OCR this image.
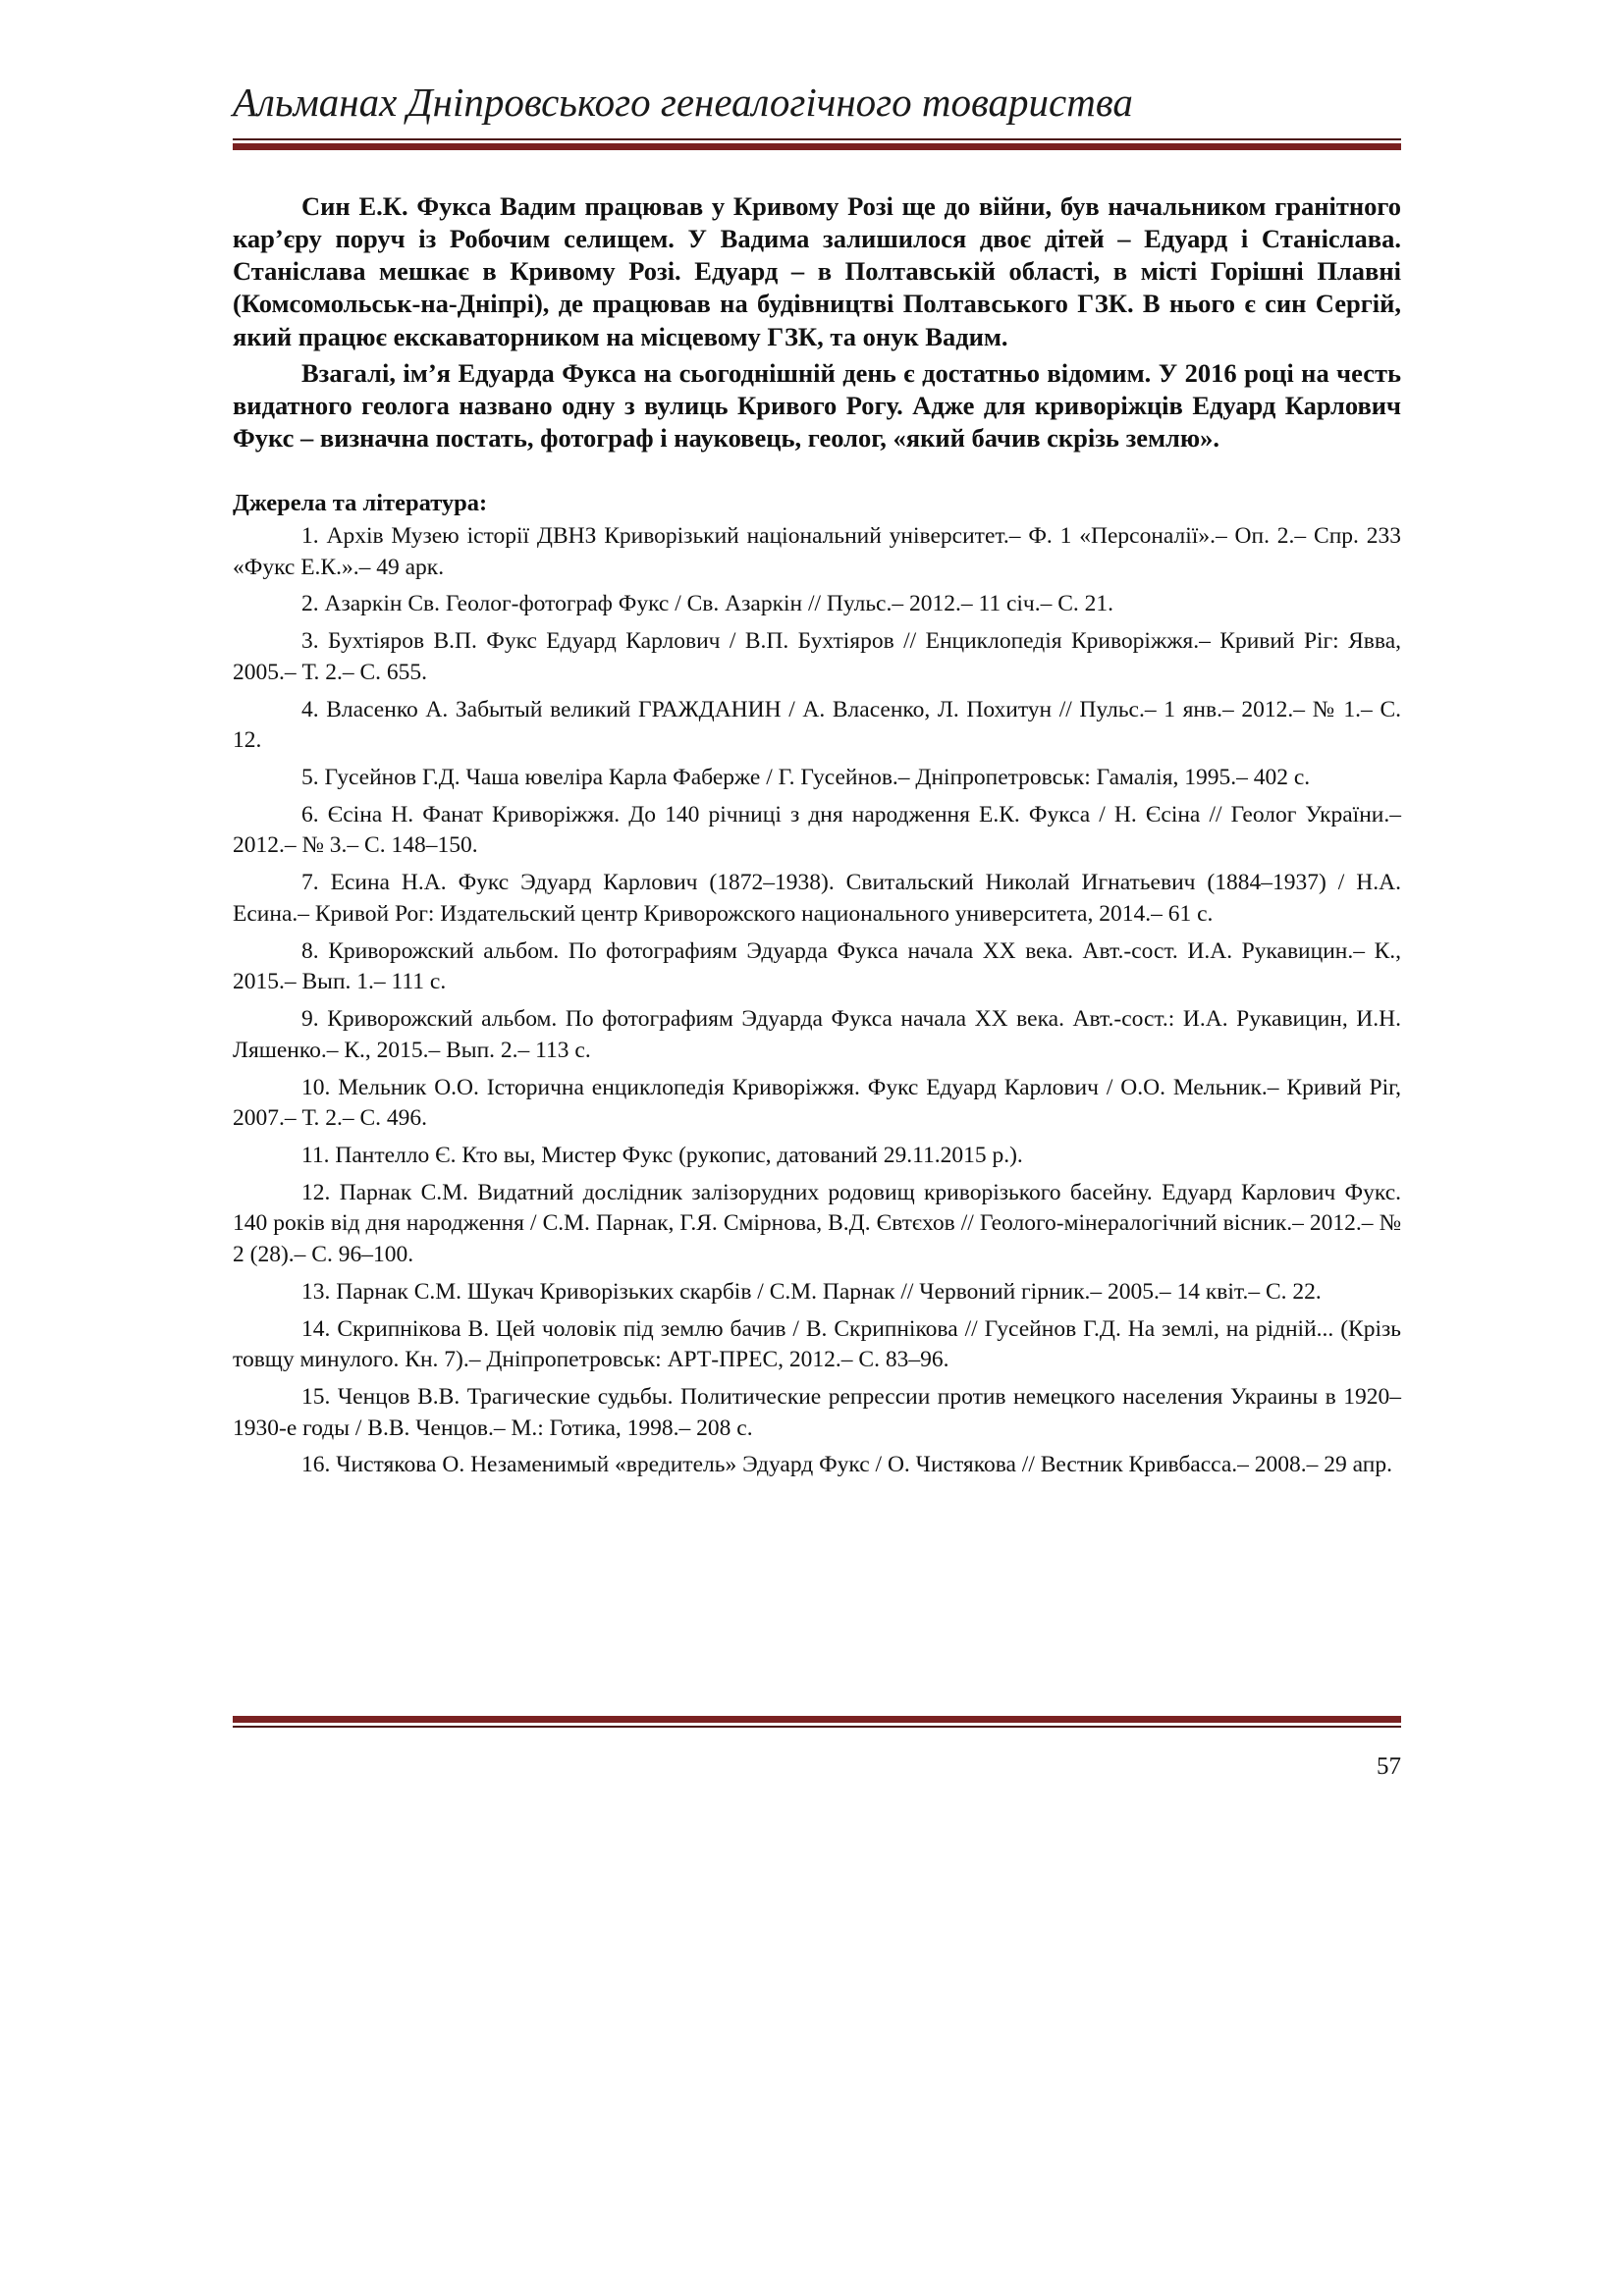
Альманах Дніпровського генеалогічного товариства

Син Е.К. Фукса Вадим працював у Кривому Розі ще до війни, був начальником гранітного кар’єру поруч із Робочим селищем. У Вадима залишилося двоє дітей – Едуард і Станіслава. Станіслава мешкає в Кривому Розі. Едуард – в Полтавській області, в місті Горішні Плавні (Комсомольськ-на-Дніпрі), де працював на будівництві Полтавського ГЗК. В нього є син Сергій, який працює екскаваторником на місцевому ГЗК, та онук Вадим.

Взагалі, ім’я Едуарда Фукса на сьогоднішній день є достатньо відомим. У 2016 році на честь видатного геолога названо одну з вулиць Кривого Рогу. Адже для криворіжців Едуард Карлович Фукс – визначна постать, фотограф і науковець, геолог, «який бачив скрізь землю».

Джерела та література:
1. Архів Музею історії ДВНЗ Криворізький національний університет.– Ф. 1 «Персоналії».– Оп. 2.– Спр. 233 «Фукс Е.К.».– 49 арк.
2. Азаркін Св. Геолог-фотограф Фукс / Св. Азаркін // Пульс.– 2012.– 11 січ.– С. 21.
3. Бухтіяров В.П. Фукс Едуард Карлович / В.П. Бухтіяров // Енциклопедія Криворіжжя.– Кривий Ріг: Явва, 2005.– Т. 2.– С. 655.
4. Власенко А. Забытый великий ГРАЖДАНИН / А. Власенко, Л. Похитун // Пульс.– 1 янв.– 2012.– № 1.– С. 12.
5. Гусейнов Г.Д. Чаша ювеліра Карла Фаберже / Г. Гусейнов.– Дніпропетровськ: Гамалія, 1995.– 402 с.
6. Єсіна Н. Фанат Криворіжжя. До 140 річниці з дня народження Е.К. Фукса / Н. Єсіна // Геолог України.– 2012.– № 3.– С. 148–150.
7. Есина Н.А. Фукс Эдуард Карлович (1872–1938). Свитальский Николай Игнатьевич (1884–1937) / Н.А. Есина.– Кривой Рог: Издательский центр Криворожского национального университета, 2014.– 61 с.
8. Криворожский альбом. По фотографиям Эдуарда Фукса начала ХХ века. Авт.-сост. И.А. Рукавицин.– К., 2015.– Вып. 1.– 111 с.
9. Криворожский альбом. По фотографиям Эдуарда Фукса начала ХХ века. Авт.-сост.: И.А. Рукавицин, И.Н. Ляшенко.– К., 2015.– Вып. 2.– 113 с.
10. Мельник О.О. Історична енциклопедія Криворіжжя. Фукс Едуард Карлович / О.О. Мельник.– Кривий Ріг, 2007.– Т. 2.– С. 496.
11. Пантелло Є. Кто вы, Мистер Фукс (рукопис, датований 29.11.2015 р.).
12. Парнак С.М. Видатний дослідник залізорудних родовищ криворізького басейну. Едуард Карлович Фукс. 140 років від дня народження / С.М. Парнак, Г.Я. Смірнова, В.Д. Євтєхов // Геолого-мінералогічний вісник.– 2012.– № 2 (28).– С. 96–100.
13. Парнак С.М. Шукач Криворізьких скарбів / С.М. Парнак // Червоний гірник.– 2005.– 14 квіт.– С. 22.
14. Скрипнікова В. Цей чоловік під землю бачив / В. Скрипнікова // Гусейнов Г.Д. На землі, на рідній... (Крізь товщу минулого. Кн. 7).– Дніпропетровськ: АРТ-ПРЕС, 2012.– С. 83–96.
15. Ченцов В.В. Трагические судьбы. Политические репрессии против немецкого населения Украины в 1920–1930-е годы / В.В. Ченцов.– М.: Готика, 1998.– 208 с.
16. Чистякова О. Незаменимый «вредитель» Эдуард Фукс / О. Чистякова // Вестник Кривбасса.– 2008.– 29 апр.
57
